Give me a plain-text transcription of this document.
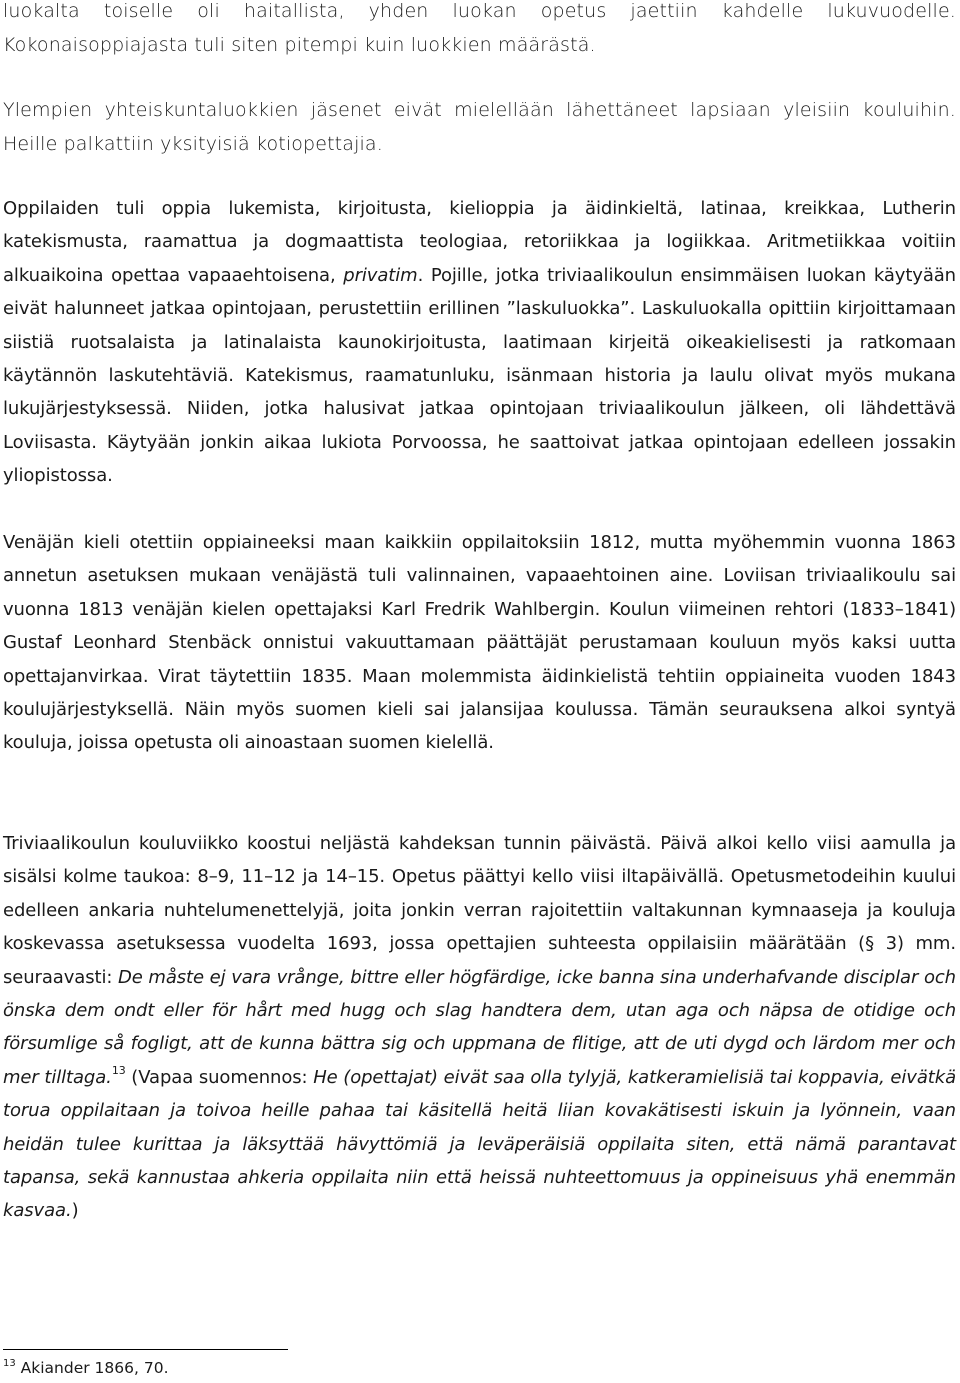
luokalta toiselle oli haitallista, yhden luokan opetus jaettiin kahdelle lukuvuodelle. Kokonaisoppiajasta tuli siten pitempi kuin luokkien määrästä.

Ylempien yhteiskuntaluokkien jäsenet eivät mielellään lähettäneet lapsiaan yleisiin kouluihin. Heille palkattiin yksityisiä kotiopettajia.

Oppilaiden tuli oppia lukemista, kirjoitusta, kielioppia ja äidinkieltä, latinaa, kreikkaa, Lutherin katekismusta, raamattua ja dogmaattista teologiaa, retoriikkaa ja logiikkaa. Aritmetiikkaa voitiin alkuaikoina opettaa vapaaehtoisena, privatim. Pojille, jotka triviaalikoulun ensimmäisen luokan käytyään eivät halunneet jatkaa opintojaan, perustettiin erillinen ”laskuluokka”. Laskuluokalla opittiin kirjoittamaan siistiä ruotsalaista ja latinalaista kaunokirjoitusta, laatimaan kirjeitä oikeakielisesti ja ratkomaan käytännön laskutehtäviä. Katekismus, raamatunluku, isänmaan historia ja laulu olivat myös mukana lukujärjestyksessä. Niiden, jotka halusivat jatkaa opintojaan triviaalikoulun jälkeen, oli lähdettävä Loviisasta. Käytyään jonkin aikaa lukiota Porvoossa, he saattoivat jatkaa opintojaan edelleen jossakin yliopistossa.

Venäjän kieli otettiin oppiaineeksi maan kaikkiin oppilaitoksiin 1812, mutta myöhemmin vuonna 1863 annetun asetuksen mukaan venäjästä tuli valinnainen, vapaaehtoinen aine. Loviisan triviaalikoulu sai vuonna 1813 venäjän kielen opettajaksi Karl Fredrik Wahlbergin. Koulun viimeinen rehtori (1833–1841) Gustaf Leonhard Stenbäck onnistui vakuuttamaan päättäjät perustamaan kouluun myös kaksi uutta opettajanvirkaa. Virat täytettiin 1835. Maan molemmista äidinkielistä tehtiin oppiaineita vuoden 1843 koulujärjestyksellä. Näin myös suomen kieli sai jalansijaa koulussa. Tämän seurauksena alkoi syntyä kouluja, joissa opetusta oli ainoastaan suomen kielellä.

Triviaalikoulun kouluviikko koostui neljästä kahdeksan tunnin päivästä. Päivä alkoi kello viisi aamulla ja sisälsi kolme taukoa: 8–9, 11–12 ja 14–15. Opetus päättyi kello viisi iltapäivällä. Opetusmetodeihin kuului edelleen ankaria nuhtelumenettelyjä, joita jonkin verran rajoitettiin valtakunnan kymnaaseja ja kouluja koskevassa asetuksessa vuodelta 1693, jossa opettajien suhteesta oppilaisiin määrätään (§ 3) mm. seuraavasti: De måste ej vara vrånge, bittre eller högfärdige, icke banna sina underhafvande disciplar och önska dem ondt eller för hårt med hugg och slag handtera dem, utan aga och näpsa de otidige och försumlige så fogligt, att de kunna bättra sig och uppmana de flitige, att de uti dygd och lärdom mer och mer tilltaga.$^{13}$ (Vapaa suomennos: He (opettajat) eivät saa olla tylyjä, katkeramielisiä tai koppavia, eivätkä torua oppilaitaan ja toivoa heille pahaa tai käsitellä heitä liian kovakätisesti iskuin ja lyönnein, vaan heidän tulee kurittaa ja läksyttää hävyttömiä ja leväperäisiä oppilaita siten, että nämä parantavat tapansa, sekä kannustaa ahkeria oppilaita niin että heissä nuhteettomuus ja oppineisuus yhä enemmän kasvaa.)

$^{13}$ Akiander 1866, 70.
